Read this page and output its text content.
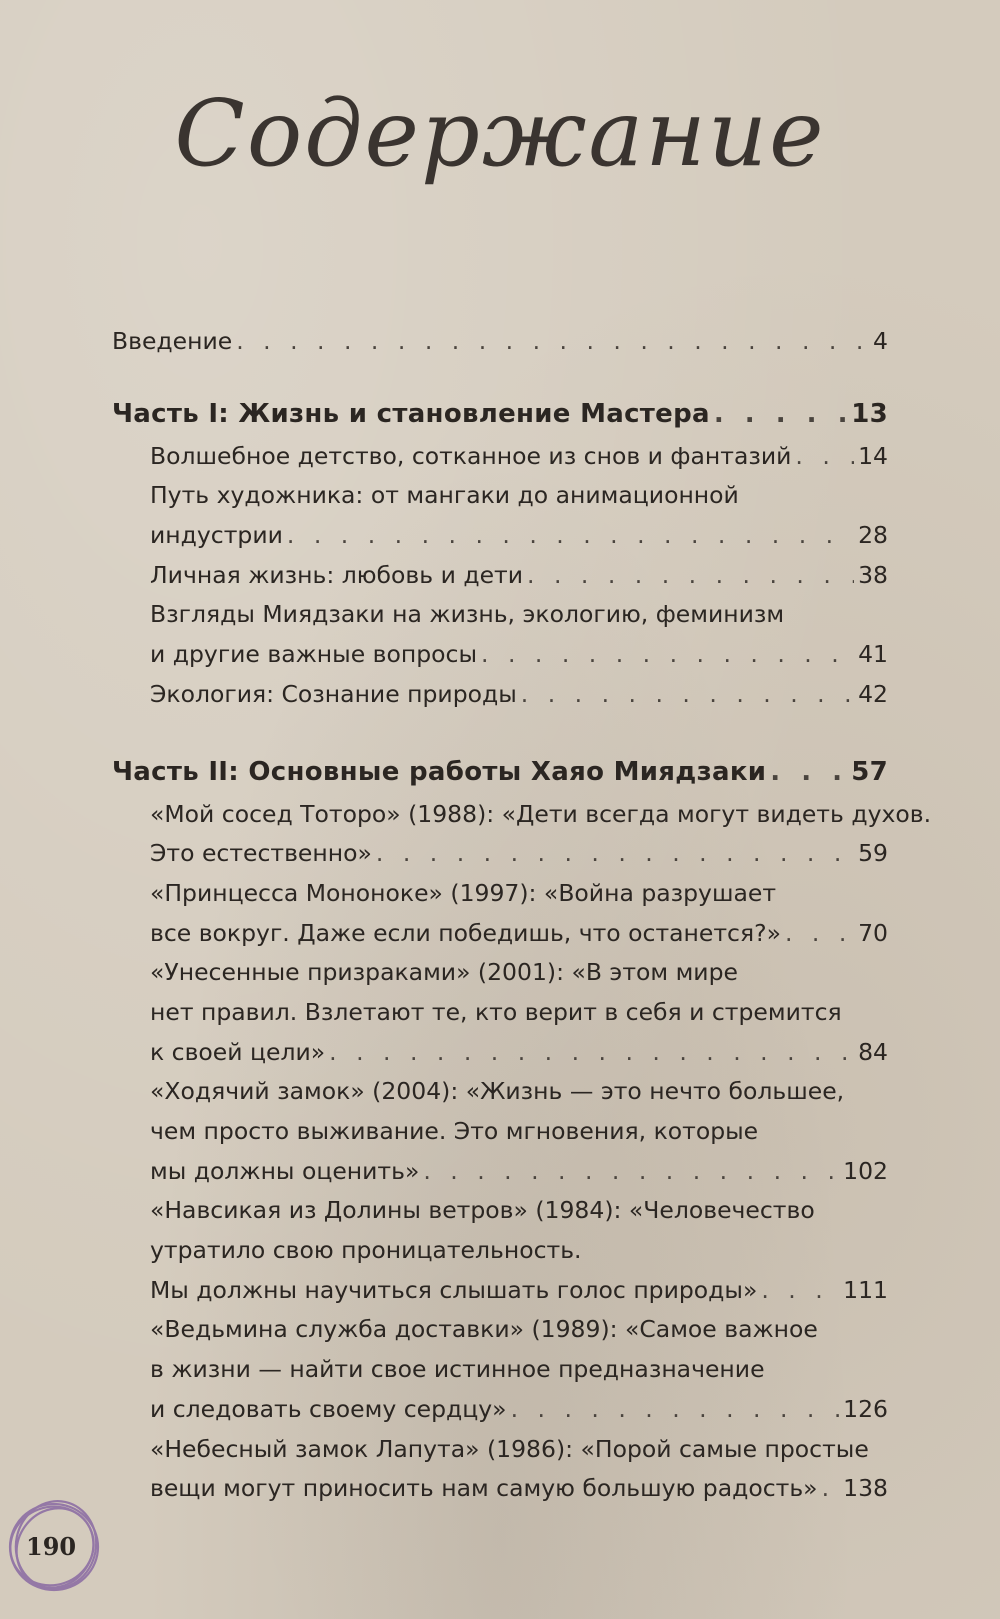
Содержание
Введение . . .	4
Часть I: Жизнь и становление Мастера . . .	13
Волшебное детство, сотканное из снов и фантазий . . .	14
Путь художника: от мангаки до анимационной
индустрии . . .	28
Личная жизнь: любовь и дети . . .	38
Взгляды Миядзаки на жизнь, экологию, феминизм
и другие важные вопросы . . .	41
Экология: Сознание природы . . .	42
Часть II: Основные работы Хаяо Миядзаки . . .	57
«Мой сосед Тоторо» (1988): «Дети всегда могут видеть духов.
Это естественно» . . .	59
«Принцесса Мононоке» (1997): «Война разрушает
все вокруг. Даже если победишь, что останется?» . . .	70
«Унесенные призраками» (2001): «В этом мире
нет правил. Взлетают те, кто верит в себя и стремится
к своей цели» . . .	84
«Ходячий замок» (2004): «Жизнь — это нечто большее,
чем просто выживание. Это мгновения, которые
мы должны оценить» . . .	102
«Навсикая из Долины ветров» (1984): «Человечество
утратило свою проницательность.
Мы должны научиться слышать голос природы» . . .	111
«Ведьмина служба доставки» (1989): «Самое важное
в жизни — найти свое истинное предназначение
и следовать своему сердцу» . . .	126
«Небесный замок Лапута» (1986): «Порой самые простые
вещи могут приносить нам самую большую радость» . . . 138
190
